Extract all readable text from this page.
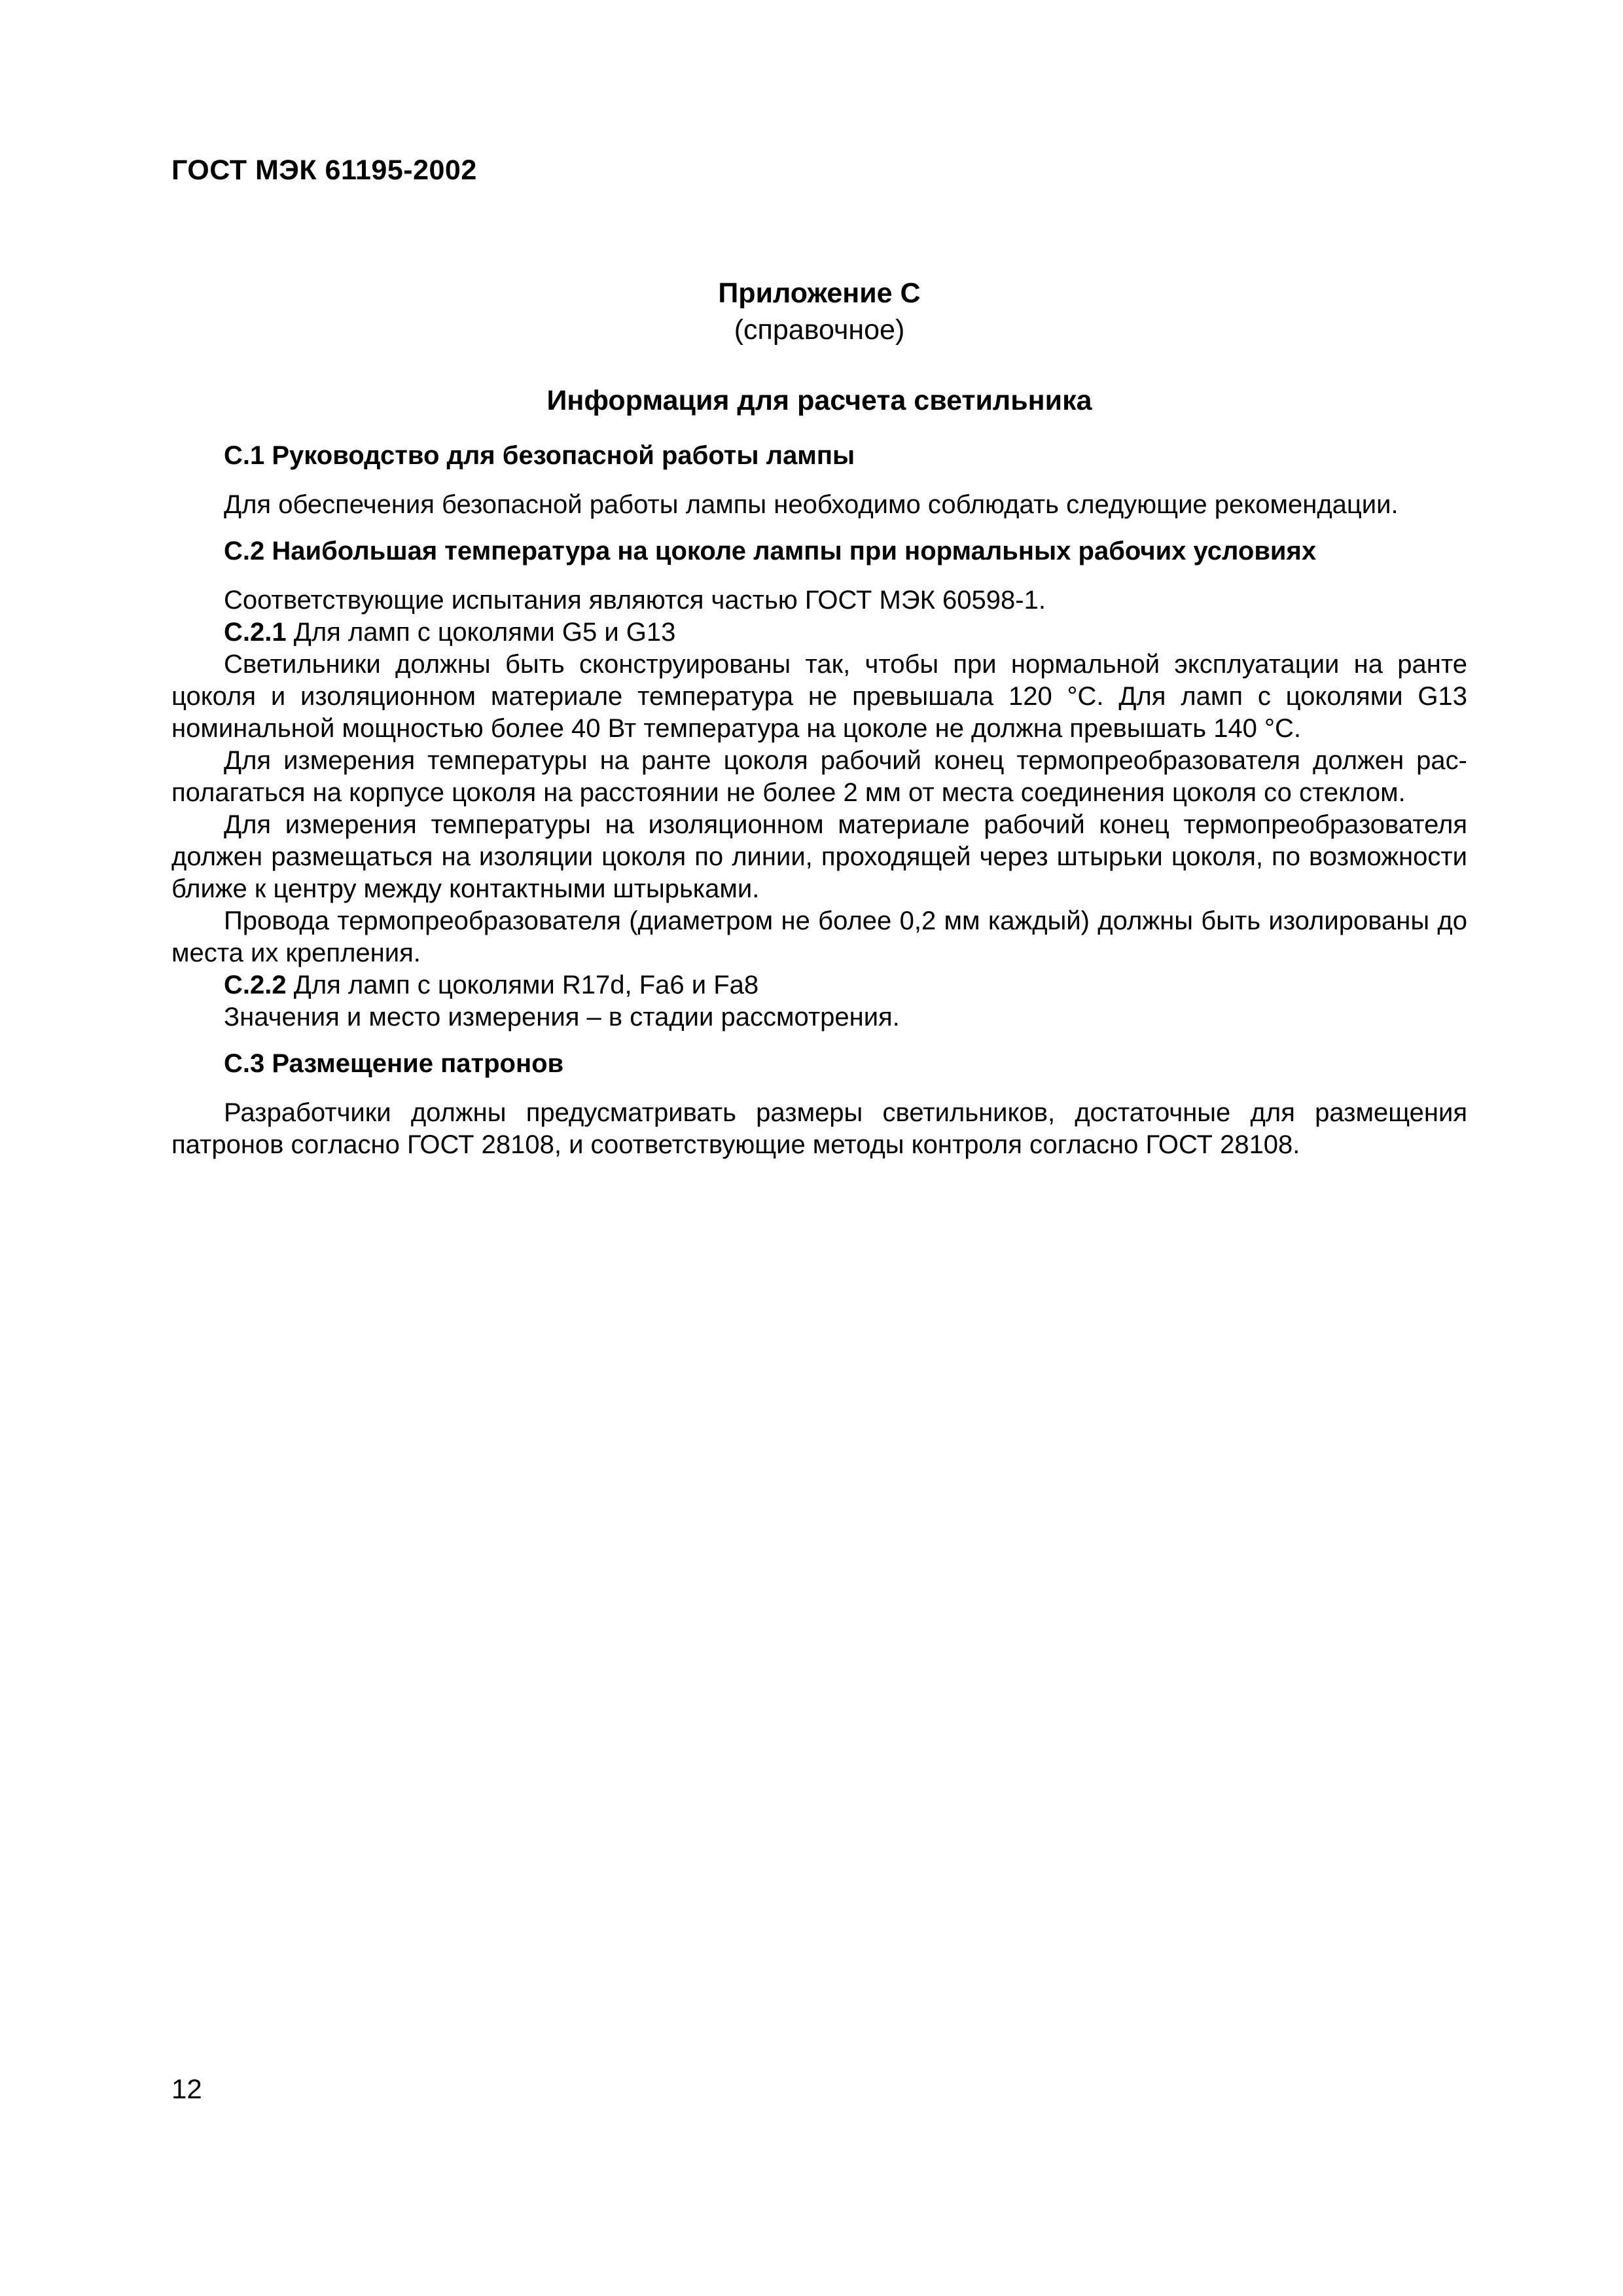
ГОСТ МЭК 61195-2002
Приложение С
(справочное)
Информация для расчета светильника
С.1 Руководство для безопасной работы лампы

Для обеспечения безопасной работы лампы необходимо соблюдать следующие рекомендации.

С.2 Наибольшая температура на цоколе лампы при нормальных рабочих условиях

Соответствующие испытания являются частью ГОСТ МЭК 60598-1.

С.2.1 Для ламп с цоколями G5 и G13

Светильники должны быть сконструированы так, чтобы при нормальной эксплуатации на ранте цоколя и изоляционном материале температура не превышала 120 °С. Для ламп с цоколями G13 номинальной мощностью более 40 Вт температура на цоколе не должна превышать 140 °С.

Для измерения температуры на ранте цоколя рабочий конец термопреобразователя должен располагаться на корпусе цоколя на расстоянии не более 2 мм от места соединения цоколя со стеклом.

Для измерения температуры на изоляционном материале рабочий конец термопреобразователя должен размещаться на изоляции цоколя по линии, проходящей через штырьки цоколя, по возможности ближе к центру между контактными штырьками.

Провода термопреобразователя (диаметром не более 0,2 мм каждый) должны быть изолированы до места их крепления.

С.2.2 Для ламп с цоколями R17d, Fa6 и Fa8

Значения и место измерения – в стадии рассмотрения.

С.3 Размещение патронов

Разработчики должны предусматривать размеры светильников, достаточные для размещения патронов согласно ГОСТ 28108, и соответствующие методы контроля согласно ГОСТ 28108.

12
